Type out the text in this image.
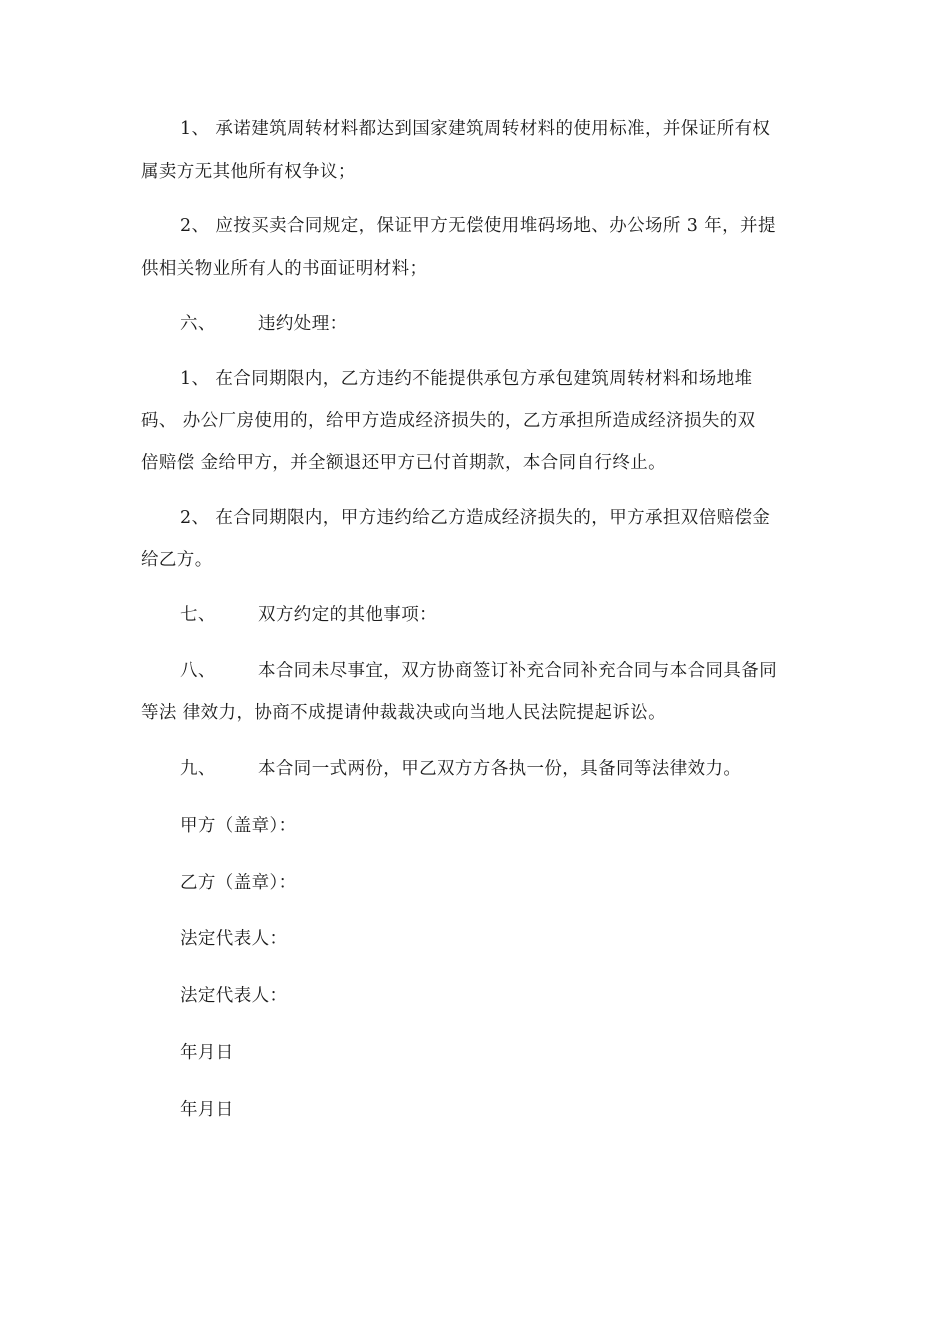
1、 承诺建筑周转材料都达到国家建筑周转材料的使用标准，并保证所有权
属卖方无其他所有权争议；
2、 应按买卖合同规定，保证甲方无偿使用堆码场地、办公场所 3 年，并提
供相关物业所有人的书面证明材料；
六、 违约处理：
1、 在合同期限内，乙方违约不能提供承包方承包建筑周转材料和场地堆
码、 办公厂房使用的，给甲方造成经济损失的，乙方承担所造成经济损失的双
倍赔偿 金给甲方，并全额退还甲方已付首期款，本合同自行终止。
2、 在合同期限内，甲方违约给乙方造成经济损失的，甲方承担双倍赔偿金
给乙方。
七、 双方约定的其他事项：
八、 本合同未尽事宜，双方协商签订补充合同补充合同与本合同具备同
等法 律效力，协商不成提请仲裁裁决或向当地人民法院提起诉讼。
九、 本合同一式两份，甲乙双方方各执一份，具备同等法律效力。
甲方（盖章）：
乙方（盖章）：
法定代表人：
法定代表人：
年月日
年月日
